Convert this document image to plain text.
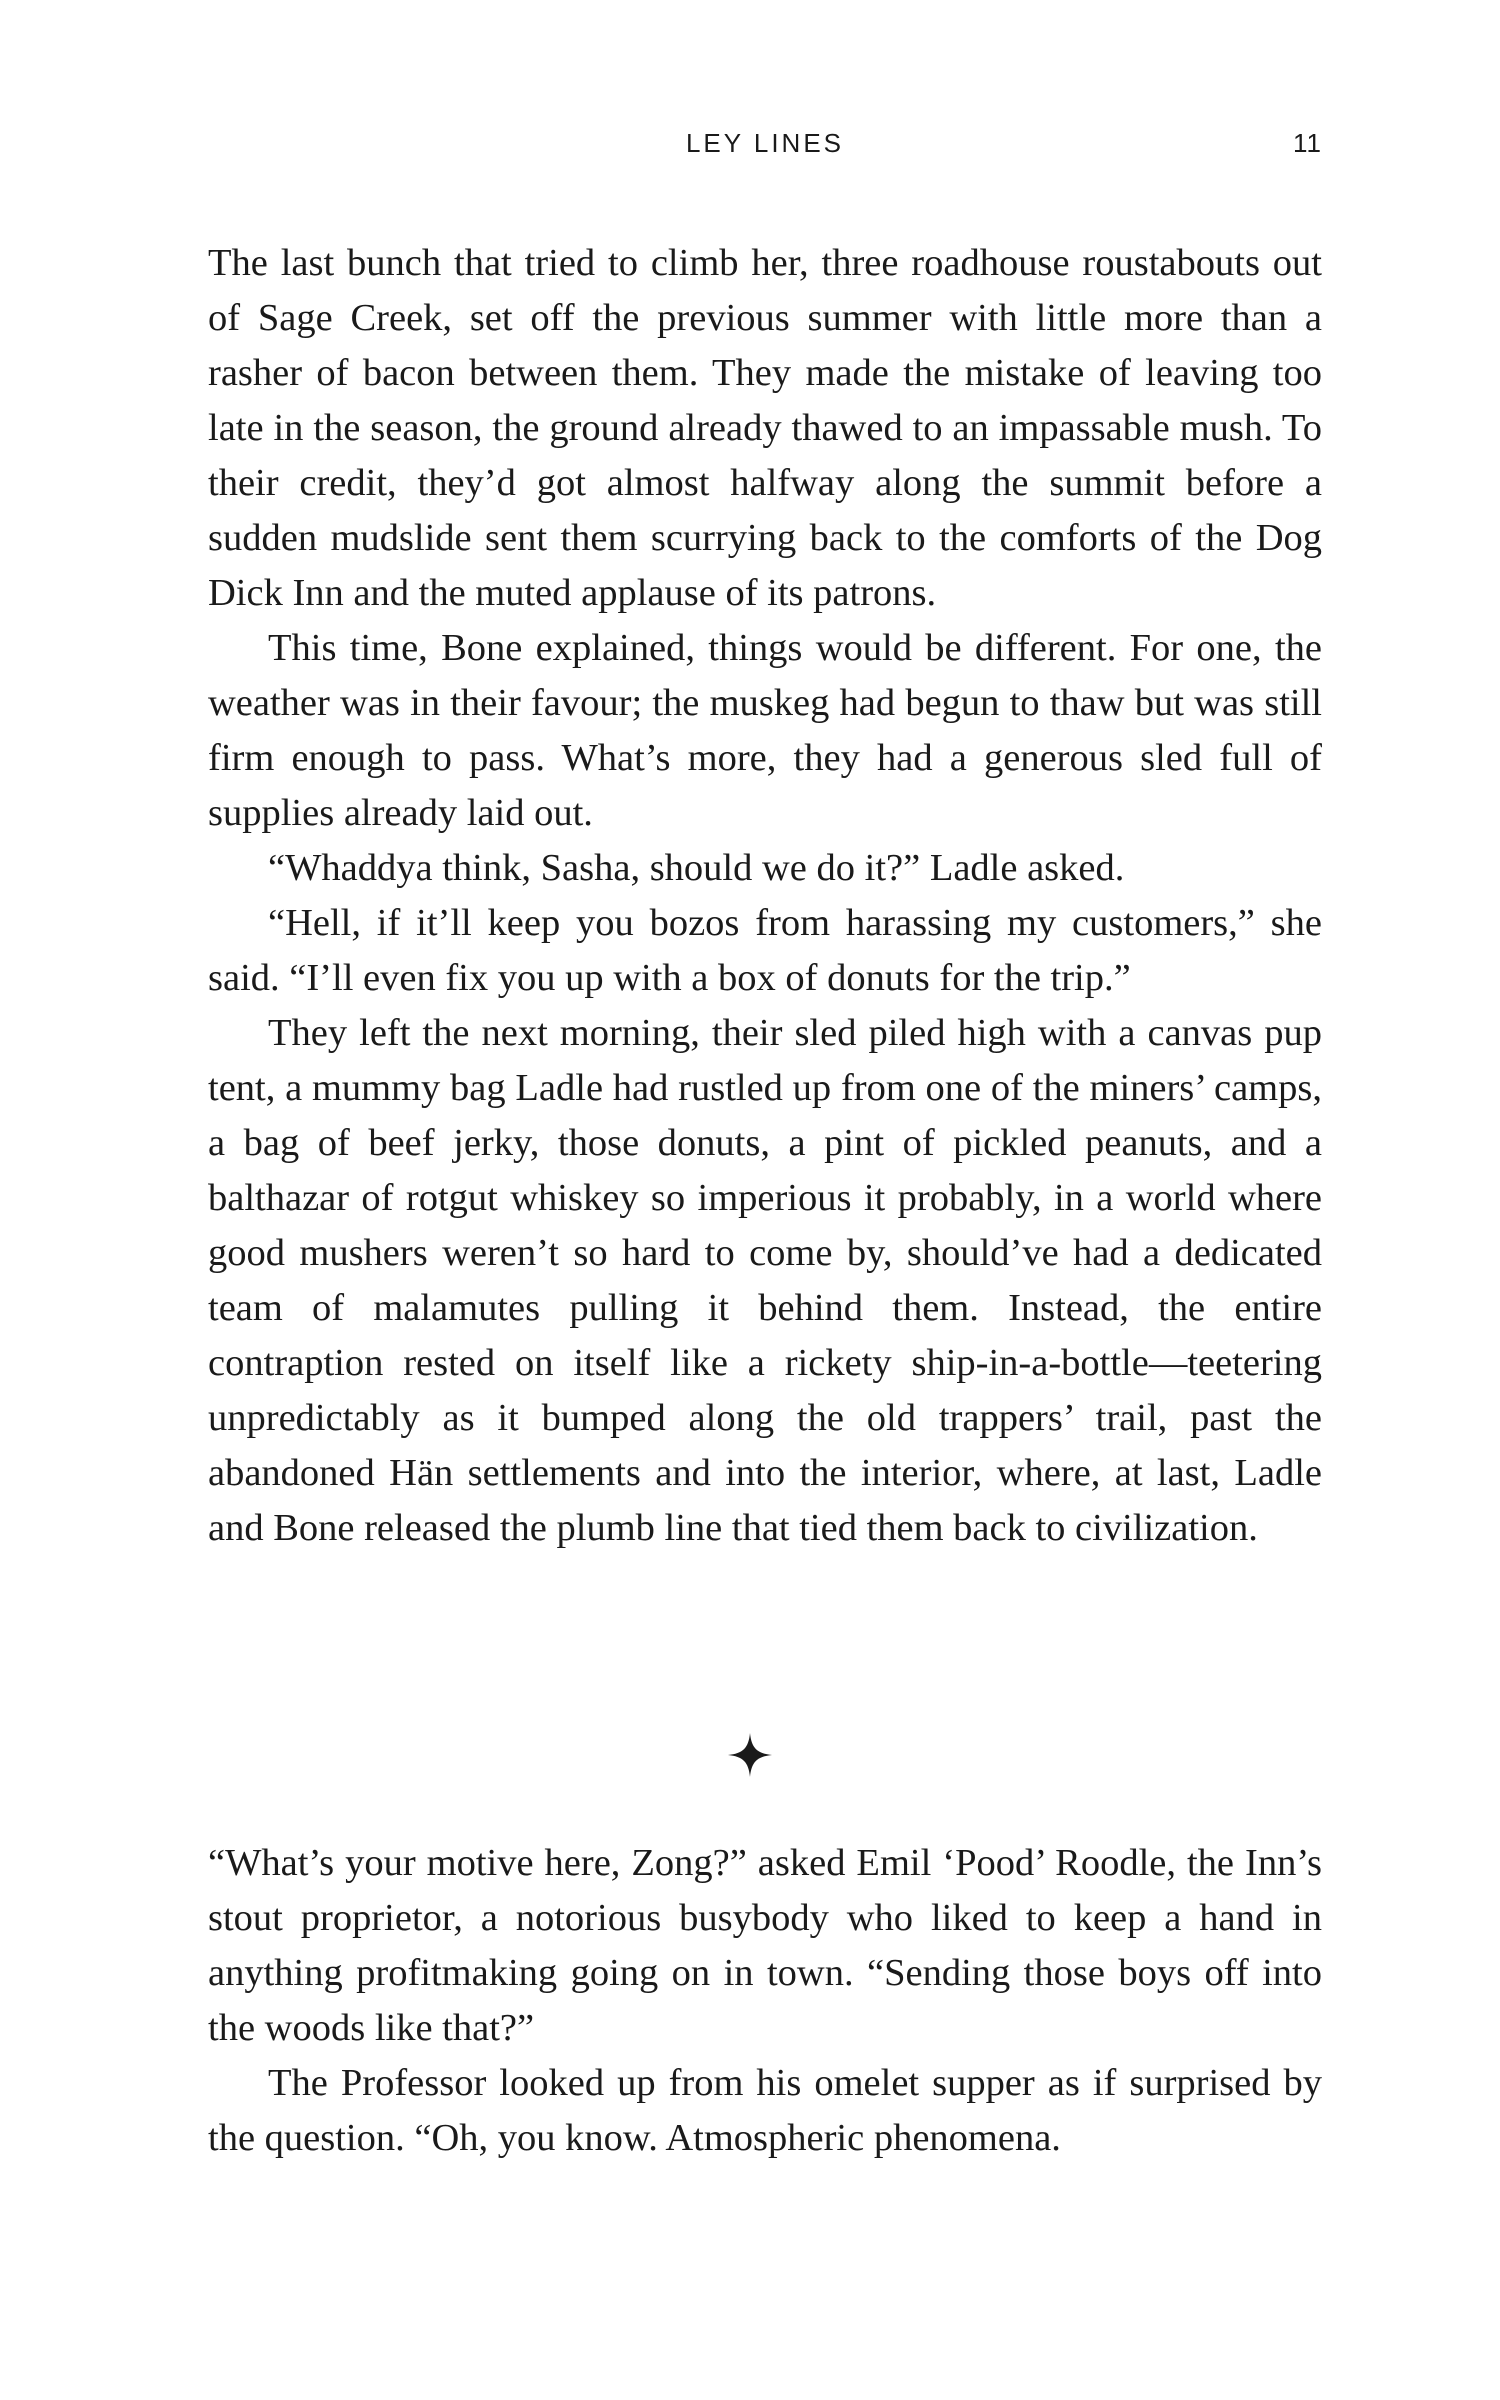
LEY LINES	11

The last bunch that tried to climb her, three roadhouse roustabouts out of Sage Creek, set off the previous summer with little more than a rasher of bacon between them. They made the mistake of leaving too late in the season, the ground already thawed to an impassable mush. To their credit, they’d got almost halfway along the summit before a sudden mudslide sent them scurrying back to the comforts of the Dog Dick Inn and the muted applause of its patrons.

This time, Bone explained, things would be different. For one, the weather was in their favour; the muskeg had begun to thaw but was still firm enough to pass. What’s more, they had a generous sled full of supplies already laid out.

“Whaddya think, Sasha, should we do it?” Ladle asked.

“Hell, if it’ll keep you bozos from harassing my customers,” she said. “I’ll even fix you up with a box of donuts for the trip.”

They left the next morning, their sled piled high with a canvas pup tent, a mummy bag Ladle had rustled up from one of the miners’ camps, a bag of beef jerky, those donuts, a pint of pickled peanuts, and a balthazar of rotgut whiskey so imperious it probably, in a world where good mushers weren’t so hard to come by, should’ve had a dedicated team of malamutes pulling it behind them. Instead, the entire contraption rested on itself like a rickety ship-in-a-bottle—teetering unpredictably as it bumped along the old trappers’ trail, past the abandoned Hän settlements and into the interior, where, at last, Ladle and Bone released the plumb line that tied them back to civilization.

“What’s your motive here, Zong?” asked Emil ‘Pood’ Roodle, the Inn’s stout proprietor, a notorious busybody who liked to keep a hand in anything profitmaking going on in town. “Sending those boys off into the woods like that?”

The Professor looked up from his omelet supper as if surprised by the question. “Oh, you know. Atmospheric phenomena.
